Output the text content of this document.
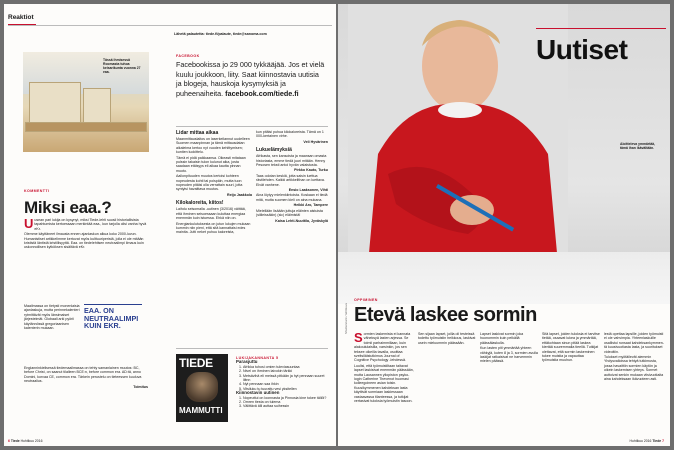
Reaktiot
Lähetä palautetta: tiede.fi/palaute, tiede@sanoma.com
Tässä ihmisessä Roomasta tuhoa keisarikunta vuonna 27 eaa.
KOMMENTTI
Miksi eaa.?

Uusean pari lukija on kysynyt, miksi Tiede-lehti suosii historiallisista tapahtumista kertoessaan merkintää eaa., kun tarjolla olisi vanha hyvä eKr.

Olemme käyttäneet ilmausta ennen ajanlaskun alkua koko 2000-luvun. Humanistiset artikkelimme kertovat myös kulttuuriperistä, jolla ei ole mitään krististä läntistä kristillisyyttä. Eaa. on tiedelehtisen neutraalimpi ilmaus kuin uskonnollisen kytköksen sisältävä eKr.

Maailmassa on tietysti monenlaisia ajanlaskuja, mutta perinnekalenteri rytmittävät myös länsimaiset järjestelmät. Globaali arki pyörii käytännössä gregoriaanisen kalenterin mukaan.

EAA. ON NEUTRAALIMPI KUIN EKR.

Englanninkielisessä tiedemaailmassa on tehty samanlainen muutos: BC, before Christ, on saanut tilalleen BCE:n, before common era. AD:tä, anno Domini, korvaa CE, common era. Tärkein perustelu on tieteessen kuuluva neutraalius.

Toimitus

FACEBOOK
Facebookissa jo 29 000 tykkääjää. Jos et vielä kuulu joukkoon, liity. Saat kiinnostavia uutisia ja blogeja, hauskoja kysymyksiä ja puheenaiheita. facebook.com/tiede.fi

Lidar mittaa aikaa

Maanmittauslaitos on laserkeilannut uudelleen Suomen maanpinnan ja tämä mittausdatan aikaleima kertoo nyt vuoden kehittymisen; kuntien luokittelu.

Tämä ei pidä paikkaansa. Oikeasti mitataan pulssin takaisin tulon kulunut aika, josta saadaan etäisyys eli aikaa kautta pinnan muoto.

Aallonpituuden muutos kertoisi kohteen nopeudesta kohti tai poispäin, mutta tuon nopeuden pitäisi olla verrattain suuri, jotta syntyisi havaittava muutos.

Reijo Jaakkola

Kilokaloreita, kiitos!

Laihdu seisomalla -uutinen (3/2016) väittää, että ihminen seisoessaan kuluttaa energiaa enemmän kuin istuessa. Ehkä niin on.

Energiankulutuksesta on jutun lukujen mukaan kummin niin pieni, että sitä kannattaisi edes mainita. Jutti neket puhuu kaloreista,

kun pitäisi puhua kilokaloreista. Tämä on 1 000-kertainen virhe.

Veli Hyvärinen

Lukuelämyksiä

Afrikasta, sen kansoista ja maansan omasta historiasta, emme tiedä juuri mitään. Henny Pesosen teksti antoi hyvän valaistusta.

Pirkko Kauto, Turku

Taas odotan keskiä, jotta saisin luettua rästilehden. Kaikki artikkelithan on luettava. Eivät vanhene.

Ensio Laaksonen, Vihti

Aina löytyy mielenkiintoista. Koskaan ei tiedä mitä, mutta suomen kieli on aina mukana.

Heikki Aro, Tampere

Mielellään lisäään juttuja eläinten aistuista (siiileissäkin) (sic) eläimistä!

Kaisa Lehti-Nuuttila, Jyväskylä

TIEDE
MAMMUTTI
LUKIJAKANNANTA 5
Parasjuttu
1. Afrikka tuhosi omien tuleviasuuntaa
2. Nivel on ihminen laivokin tärkki
3. Metsävihä eli meissä pitkään ja hyt pennaan suuret liitnn
4. Nyt pennaan saa ihkin
5. Vitsiluku tu tuurattu vesi yksitellen
Kiinnostavin uutinen
1. Nopeuttui on loonnasta ja Pinnosia kine tokee tällöl?
2. Omren tiesta on tulema
3. Välittävä älli auttaa suihessin
6 Tiede Huhtikuu 2016
Uutiset
Aloittelevа ymmärtää, tämä ihan ikävältään.
OPPIMINEN
Etevä laskee sormin
Shutterstock / lehtikuva

Sormien laskemista ei kannata väheksyä lasten arjessa. Se toimii parhaimmillaan, kuin alakoululaisilla, varsinkin, jos sen teksee oikeilla tavalla, osoittaa sveitsiläistutkimus Journal of Cognitive Psychology -lehdessä.

Luulisi, että työmuistiltaan taitavat lapset laskisivat enemmän päässään, mutta Lausannen yliopiston psykologin Catherine Thevenot huomasi kolleegoineen asian toisin. Kuusikymmenen kahdeksan lasta käyttivät sormiaan laskiessaan vastaavassa tilanteessa, ja tutkijat vertasivat tuloksia työmuistin tasoon.

Sen sijaan lapset, joilla oli testeissä todettu työmuistin heikkous, laskivat usein mieluummin päässään.

Lapset laskivat sormin joka huonommin kuin pelkällä päässälaskulla.

Kun lasten piti ymmärtää yhteen vähkyjä, kuten 8 ja 3, sormien avulla laskijat ratkaisivat ne harvemmin mielen päässä.

Sitä lapset, joiden tuloksia ei tarvitse tietää, osaavat lukea ja ymmärtää, ettäkohtaan sinun pitää laskea kiertää suuremmalla tieellä. Tutkijat olettavat, että sormin laskeminen tukee muistia ja vapauttaa työmuistia muuhun.

lestä opettaa lapsille, joiden työmuisti ei ole vahvimpia. Yhteenlaskuille osallistui runsaat kahdeksankymmentä kuusivuotiasta lasta, ja suoritukset videoitiin.

Tulokset myötäilevät aiemmin Yhdysvalloissa tehtyä tutkimusta, jossa havaittiin sormien käytön ja oikein laskemisen yhteys. Sormet auttoivat senkin mukaan viisivuotiaita aina kahdeksaan ikävuoteen asti.

Huhtikuu 2016 Tiede 7
